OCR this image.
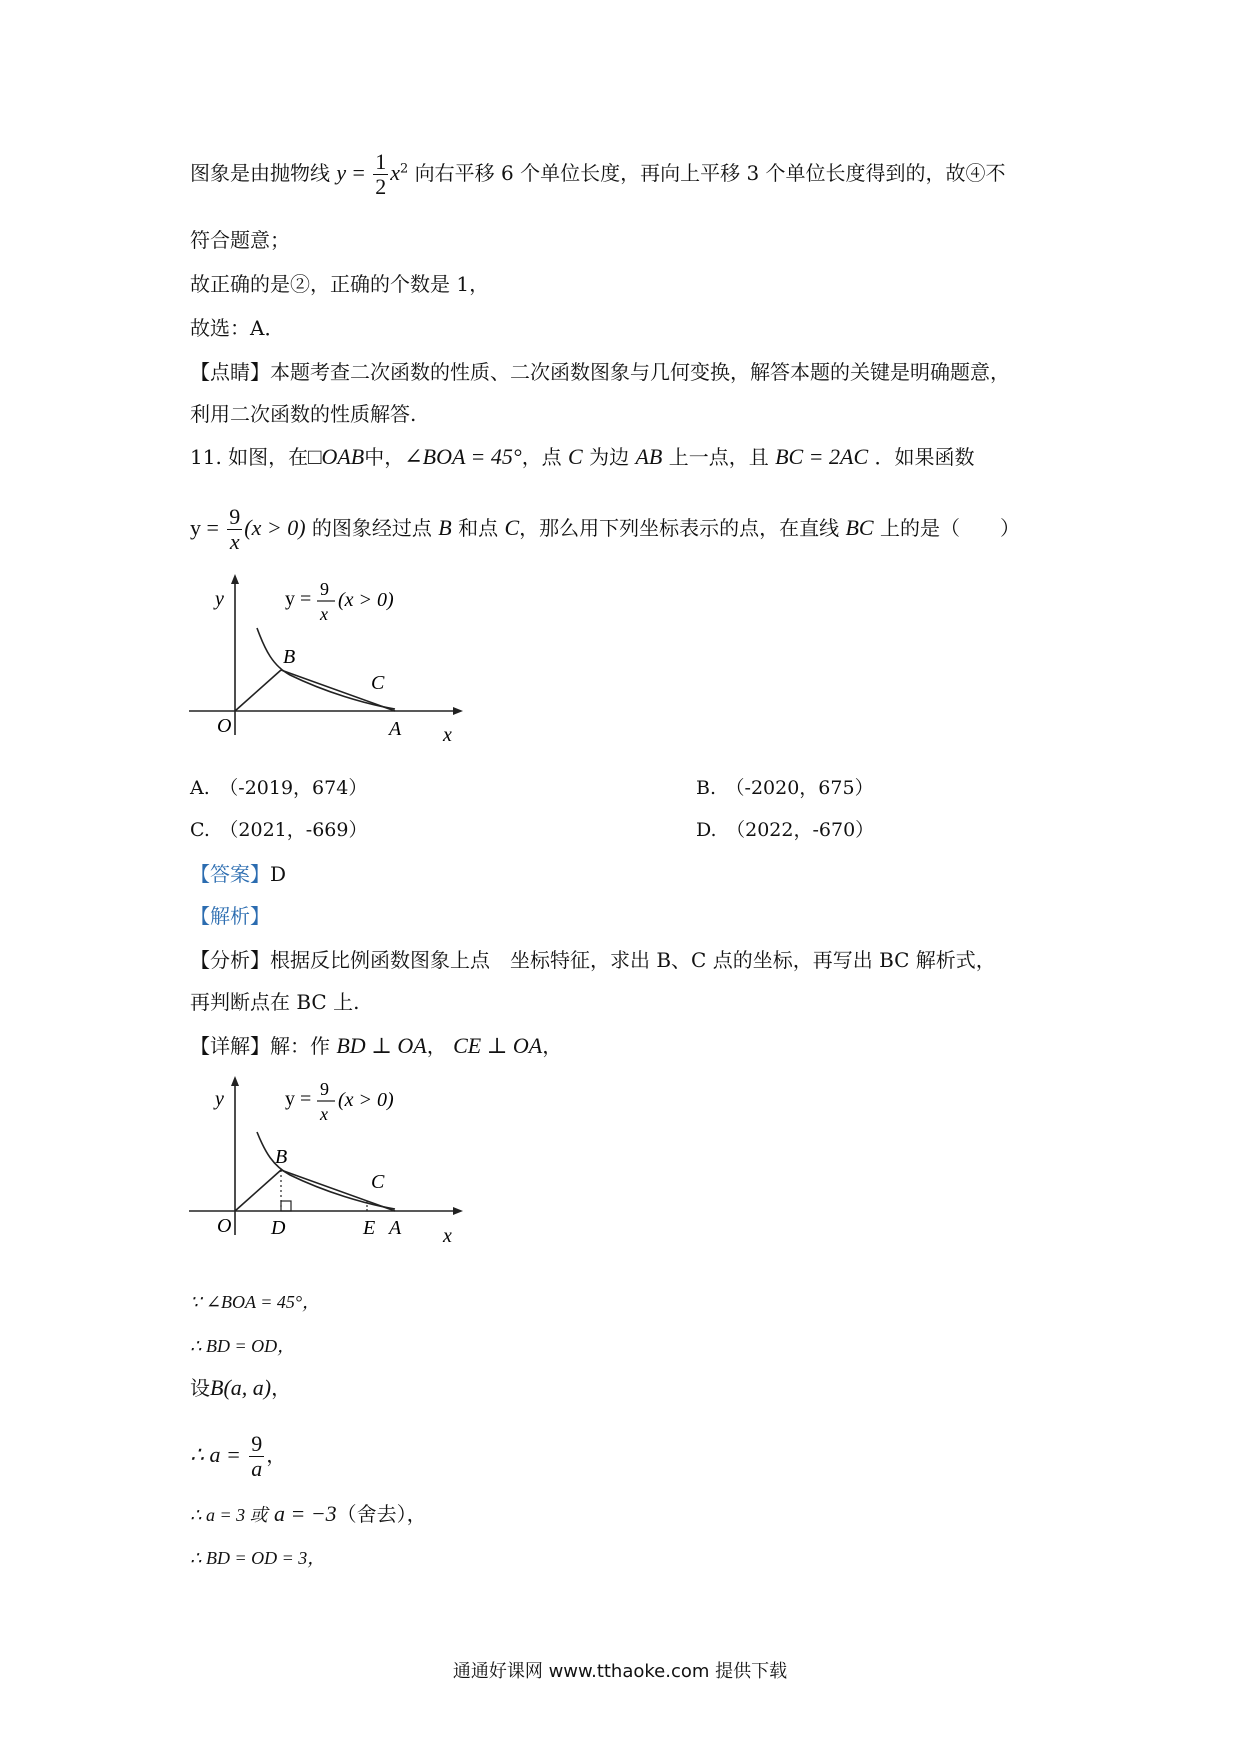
图象是由抛物线 $y = \frac{1}{2} x^2$ 向右平移 6 个单位长度，再向上平移 3 个单位长度得到的，故④不
符合题意；
故正确的是②，正确的个数是 1，
故选：A．
【点睛】本题考查二次函数的性质、二次函数图象与几何变换，解答本题的关键是明确题意，
利用二次函数的性质解答.
11. 如图，在□OAB中，∠BOA = 45°，点 C 为边 AB 上一点，且 BC = 2AC ．如果函数
$y = \frac{9}{x} (x > 0)$ 的图象经过点 B 和点 C，那么用下列坐标表示的点，在直线 BC 上的是（　　）
y	y = 9
x
(x > 0)
B
C
O	A x
A.　 （-2019，674）	B.　 （-2020，675）
C.　 （2021，-669）	D.　 （2022，-670）
【答案】D
【解析】
【分析】根据反比例函数图象上点　坐标特征，求出 B、C 点的坐标，再写出 BC 解析式，
再判断点在 BC 上.
【详解】解：作 BD ⊥ OA， CE ⊥ OA，
y	y = 9
x
(x > 0)
B
C
O D	E A x
∵ ∠BOA = 45°，
∴ BD = OD，
设B(a, a)，
∴ $a = \frac{9}{a}$ ，
∴ a = 3 或 a = −3（舍去），
∴ BD = OD = 3，
通通好课网 www.tthaoke.com 提供下载
